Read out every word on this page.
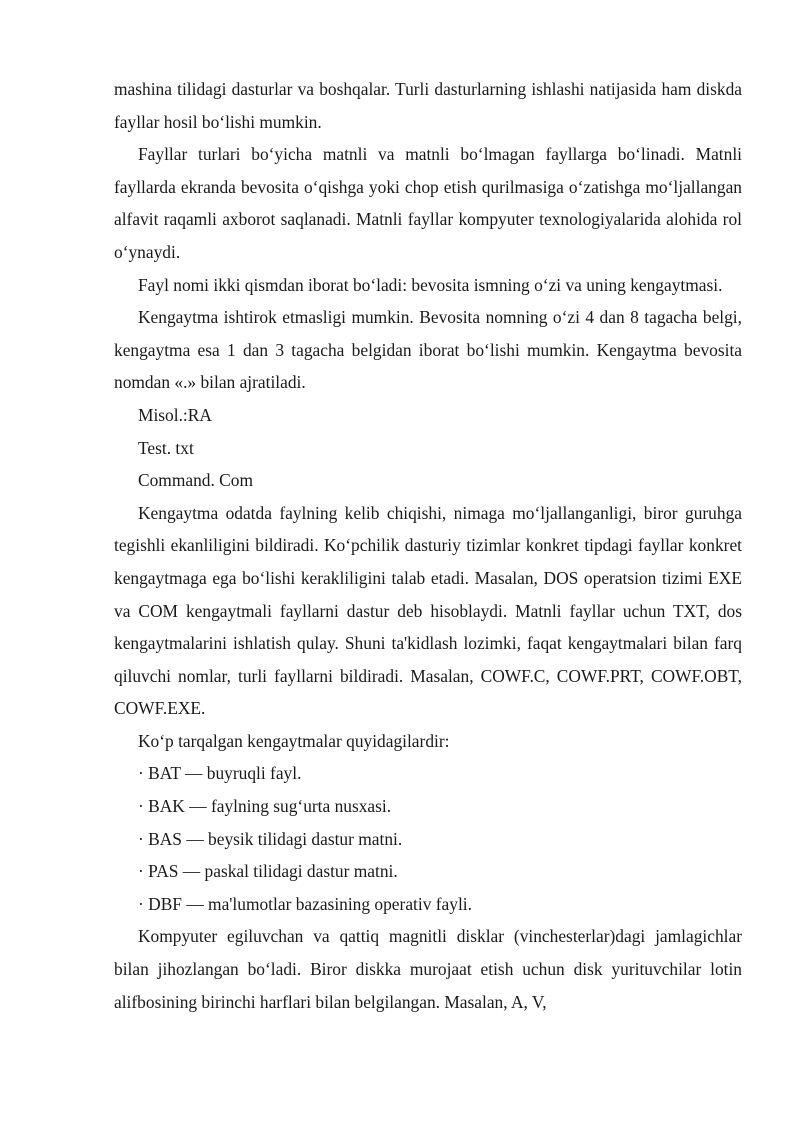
mashina tilidagi dasturlar va boshqalar. Turli dasturlarning ishlashi natijasida ham diskda fayllar hosil bo‘lishi mumkin.

Fayllar turlari bo‘yicha matnli va matnli bo‘lmagan fayllarga bo‘linadi. Matnli fayllarda ekranda bevosita o‘qishga yoki chop etish qurilmasiga o‘zatishga mo‘ljallangan alfavit raqamli axborot saqlanadi. Matnli fayllar kompyuter texnologiyalarida alohida rol o‘ynaydi.

Fayl nomi ikki qismdan iborat bo‘ladi: bevosita ismning o‘zi va uning kengaytmasi.

Kengaytma ishtirok etmasligi mumkin. Bevosita nomning o‘zi 4 dan 8 tagacha belgi, kengaytma esa 1 dan 3 tagacha belgidan iborat bo‘lishi mumkin. Kengaytma bevosita nomdan «.» bilan ajratiladi.

Misol.:RA

Test. txt

Command. Com

Kengaytma odatda faylning kelib chiqishi, nimaga mo‘ljallanganligi, biror guruhga tegishli ekanliligini bildiradi. Ko‘pchilik dasturiy tizimlar konkret tipdagi fayllar konkret kengaytmaga ega bo‘lishi kerakliligini talab etadi. Masalan, DOS operatsion tizimi EXE va COM kengaytmali fayllarni dastur deb hisoblaydi. Matnli fayllar uchun TXT, dos kengaytmalarini ishlatish qulay. Shuni ta'kidlash lozimki, faqat kengaytmalari bilan farq qiluvchi nomlar, turli fayllarni bildiradi. Masalan, COWF.C, COWF.PRT, COWF.OBT, COWF.EXE.

Ko‘p tarqalgan kengaytmalar quyidagilardir:

· BAT — buyruqli fayl.

· BAK — faylning sug‘urta nusxasi.

· BAS — beysik tilidagi dastur matni.

· PAS — paskal tilidagi dastur matni.

· DBF — ma'lumotlar bazasining operativ fayli.

Kompyuter egiluvchan va qattiq magnitli disklar (vinchesterlar)dagi jamlagichlar bilan jihozlangan bo‘ladi. Biror diskka murojaat etish uchun disk yurituvchilar lotin alifbosining birinchi harflari bilan belgilangan. Masalan, A, V,
